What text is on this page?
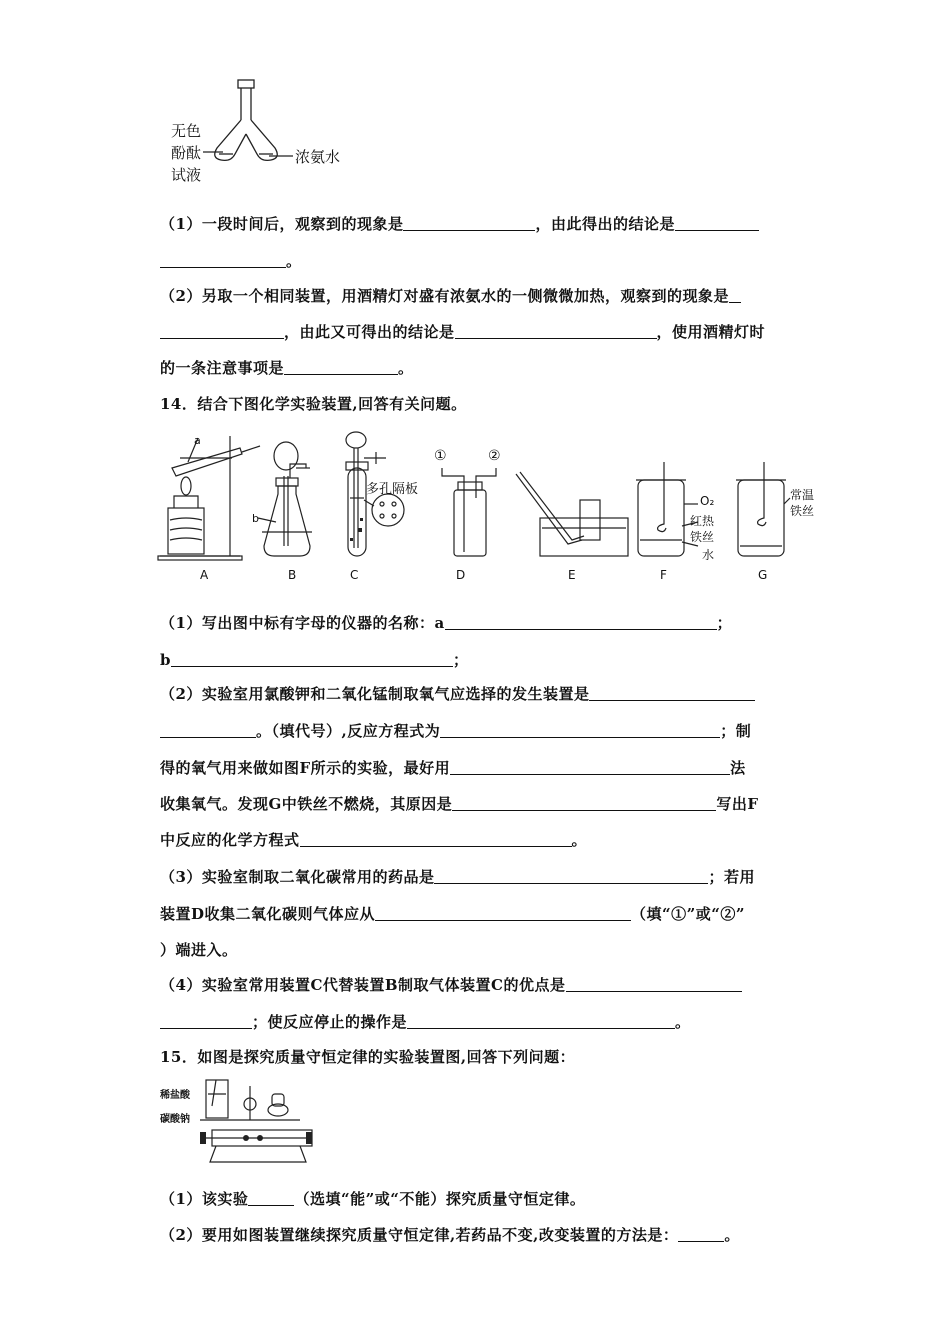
无色
酚酞
试液
浓氨水
（1）一段时间后，观察到的现象是	，由此得出的结论是
。
（2）另取一个相同装置，用酒精灯对盛有浓氨水的一侧微微加热，观察到的现象是
，由此又可得出的结论是	，使用酒精灯时
的一条注意事项是	。
14．结合下图化学实验装置,回答有关问题。
a
b
多孔隔板
①	②
O₂
红热
铁丝
水
常温
铁丝
A	B	C	D	E	F	G
（1）写出图中标有字母的仪器的名称：a	；
b	；
（2）实验室用氯酸钾和二氧化锰制取氧气应选择的发生装置是
。（填代号）,反应方程式为	；制
得的氧气用来做如图F所示的实验，最好用	法
收集氧气。发现G中铁丝不燃烧，其原因是	写出F
中反应的化学方程式	。
（3）实验室制取二氧化碳常用的药品是	；若用
装置D收集二氧化碳则气体应从	（填“①”或“②”
）端进入。
（4）实验室常用装置C代替装置B制取气体装置C的优点是
；使反应停止的操作是	。
15．如图是探究质量守恒定律的实验装置图,回答下列问题：
稀盐酸
碳酸钠
（1）该实验	（选填“能”或“不能）探究质量守恒定律。
（2）要用如图装置继续探究质量守恒定律,若药品不变,改变装置的方法是：	。
